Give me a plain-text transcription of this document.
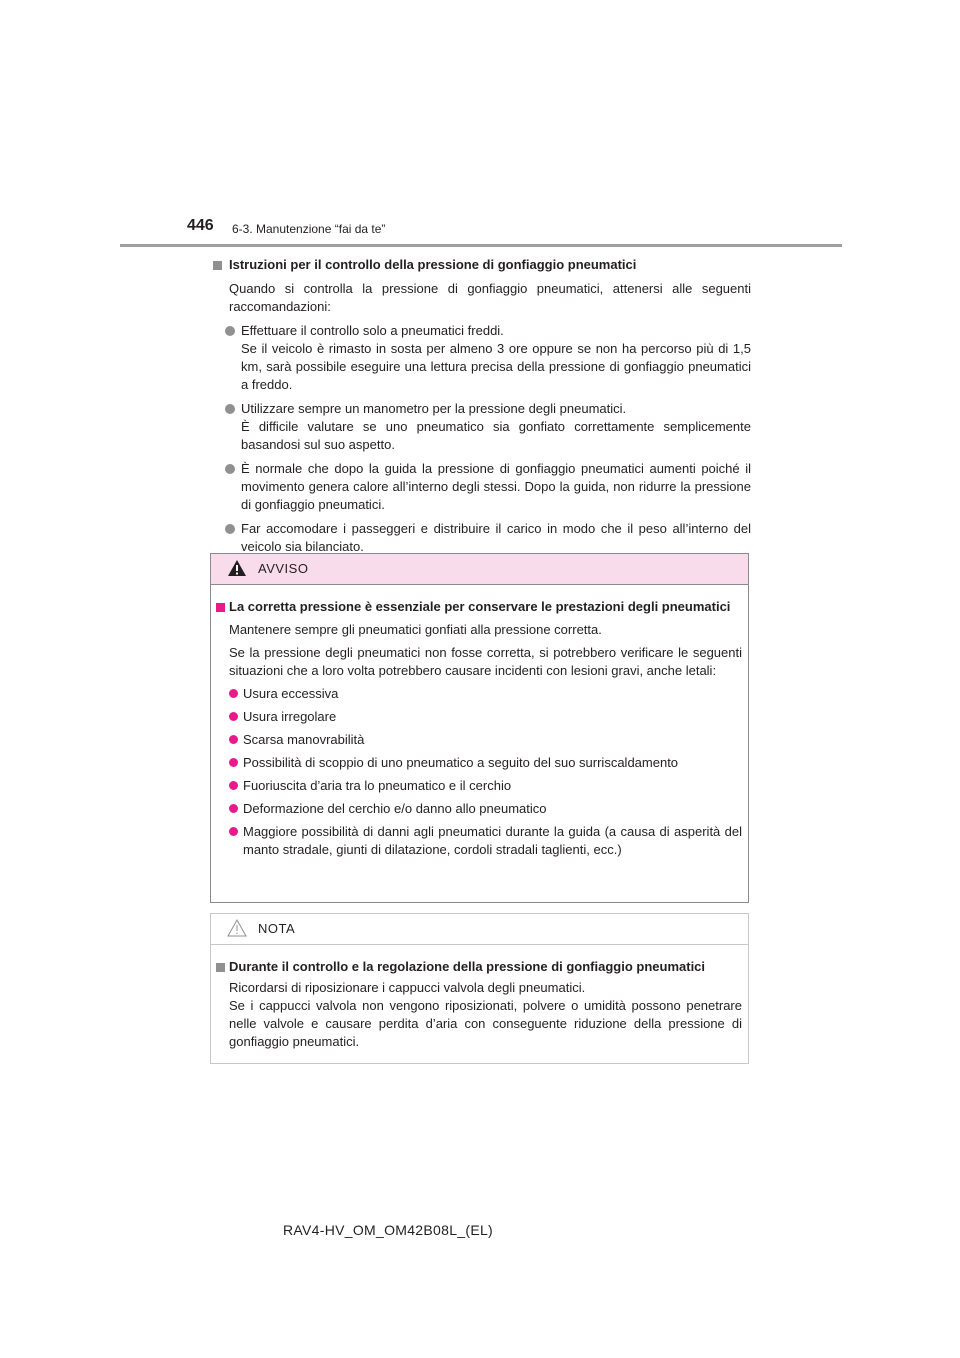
446 6-3. Manutenzione “fai da te”
Istruzioni per il controllo della pressione di gonfiaggio pneumatici
Quando si controlla la pressione di gonfiaggio pneumatici, attenersi alle seguenti raccomandazioni:
Effettuare il controllo solo a pneumatici freddi.
Se il veicolo è rimasto in sosta per almeno 3 ore oppure se non ha percorso più di 1,5 km, sarà possibile eseguire una lettura precisa della pressione di gonfiaggio pneumatici a freddo.
Utilizzare sempre un manometro per la pressione degli pneumatici.
È difficile valutare se uno pneumatico sia gonfiato correttamente semplicemente basandosi sul suo aspetto.
È normale che dopo la guida la pressione di gonfiaggio pneumatici aumenti poiché il movimento genera calore all’interno degli stessi. Dopo la guida, non ridurre la pressione di gonfiaggio pneumatici.
Far accomodare i passeggeri e distribuire il carico in modo che il peso all’interno del veicolo sia bilanciato.
AVVISO
La corretta pressione è essenziale per conservare le prestazioni degli pneumatici
Mantenere sempre gli pneumatici gonfiati alla pressione corretta.
Se la pressione degli pneumatici non fosse corretta, si potrebbero verificare le seguenti situazioni che a loro volta potrebbero causare incidenti con lesioni gravi, anche letali:
Usura eccessiva
Usura irregolare
Scarsa manovrabilità
Possibilità di scoppio di uno pneumatico a seguito del suo surriscaldamento
Fuoriuscita d’aria tra lo pneumatico e il cerchio
Deformazione del cerchio e/o danno allo pneumatico
Maggiore possibilità di danni agli pneumatici durante la guida (a causa di asperità del manto stradale, giunti di dilatazione, cordoli stradali taglienti, ecc.)
NOTA
Durante il controllo e la regolazione della pressione di gonfiaggio pneumatici
Ricordarsi di riposizionare i cappucci valvola degli pneumatici.
Se i cappucci valvola non vengono riposizionati, polvere o umidità possono penetrare nelle valvole e causare perdita d’aria con conseguente riduzione della pressione di gonfiaggio pneumatici.
RAV4-HV_OM_OM42B08L_(EL)
